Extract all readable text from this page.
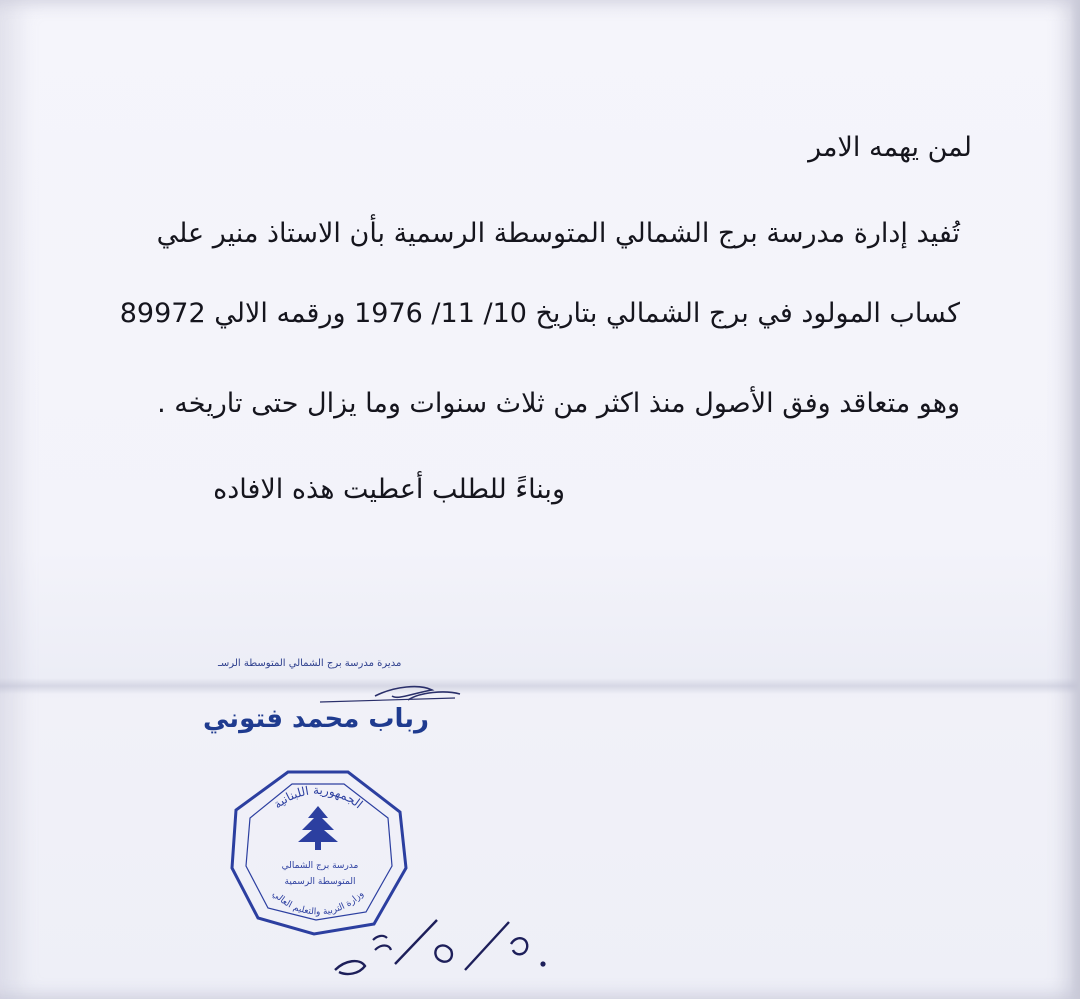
لمن يهمه الامر
تُفيد إدارة مدرسة برج الشمالي المتوسطة الرسمية بأن الاستاذ منير علي
كساب المولود في برج الشمالي بتاريخ 10/ 11/ 1976 ورقمه الالي 89972
وهو متعاقد وفق الأصول منذ اكثر من ثلاث سنوات وما يزال حتى تاريخه .
وبناءً للطلب أعطيت هذه الافاده
مديرة مدرسة برج الشمالي المتوسطة الرسـ
رباب محمد فتوني
الجمهورية اللبنانية
وزارة التربية والتعليم العالي
مدرسة برج الشمالي
المتوسطة الرسمية
